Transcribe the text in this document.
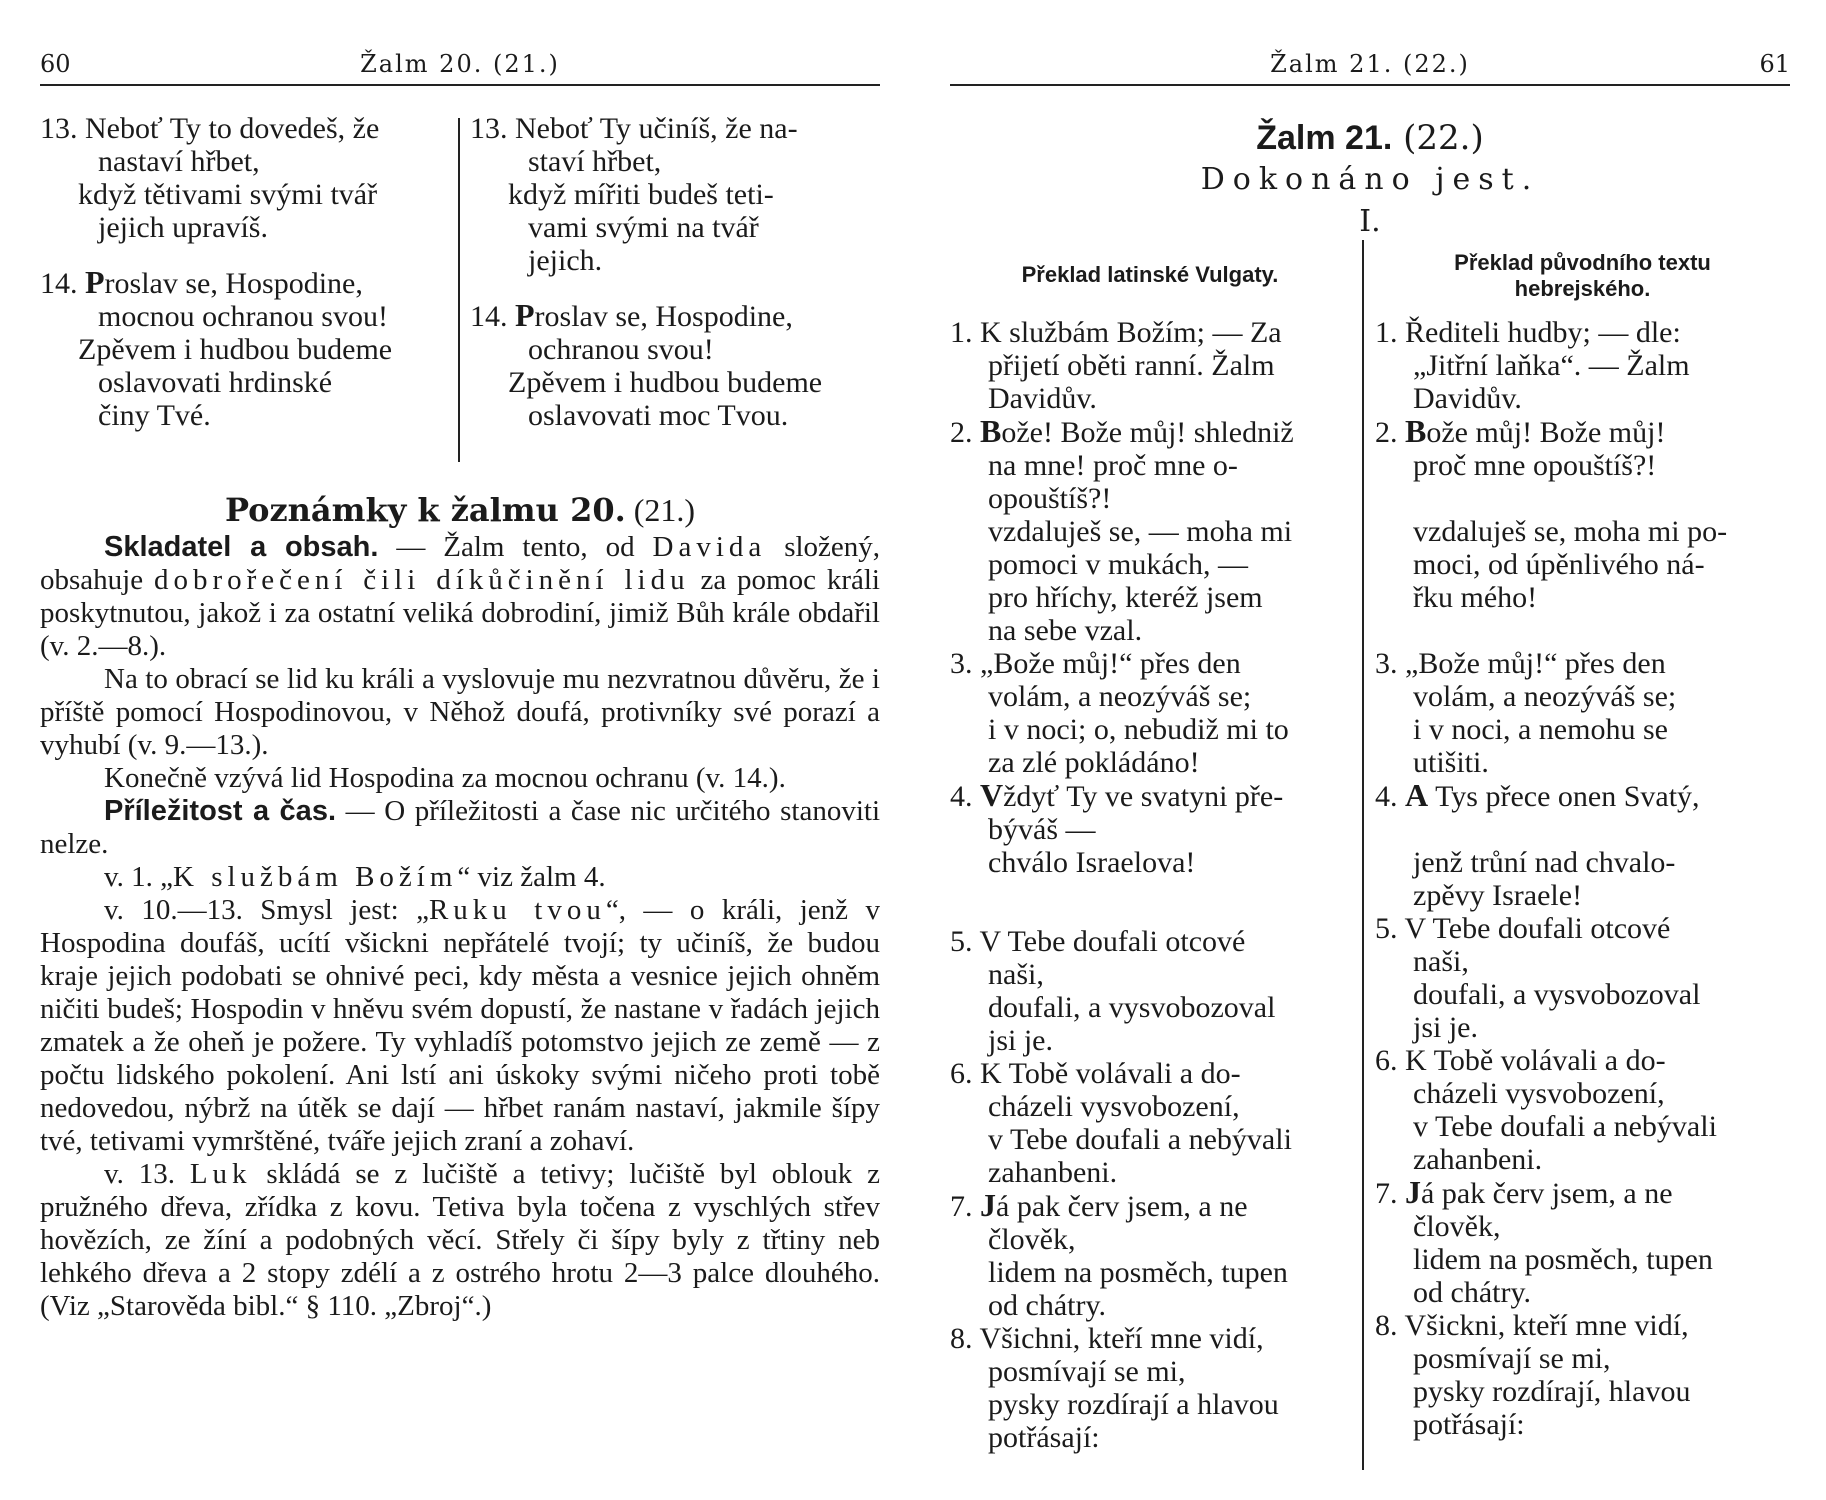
60	Žalm 20. (21.)
13. Neboť Ty to dovedeš, že
nastaví hřbet,
když tětivami svými tvář
jejich upravíš.
14. Proslav se, Hospodine,
mocnou ochranou svou!
Zpěvem i hudbou budeme
oslavovati hrdinské
činy Tvé.
13. Neboť Ty učiníš, že na-
staví hřbet,
když mířiti budeš teti-
vami svými na tvář
jejich.
14. Proslav se, Hospodine,
ochranou svou!
Zpěvem i hudbou budeme
oslavovati moc Tvou.
Poznámky k žalmu 20. (21.)

Skladatel a obsah. — Žalm tento, od Davida složený, obsahuje dobrořečení čili díkůčinění lidu za pomoc králi poskytnutou, jakož i za ostatní veliká dobrodiní, jimiž Bůh krále obdařil (v. 2.—8.).

Na to obrací se lid ku králi a vyslovuje mu nezvratnou důvěru, že i příště pomocí Hospodinovou, v Něhož doufá, protivníky své porazí a vyhubí (v. 9.—13.).

Konečně vzývá lid Hospodina za mocnou ochranu (v. 14.).

Příležitost a čas. — O příležitosti a čase nic určitého stanoviti nelze.

v. 1. „K službám Božím“ viz žalm 4.

v. 10.—13. Smysl jest: „Ruku tvou“, — o králi, jenž v Hospodina doufáš, ucítí všickni nepřátelé tvojí; ty učiníš, že budou kraje jejich podobati se ohnivé peci, kdy města a vesnice jejich ohněm ničiti budeš; Hospodin v hněvu svém dopustí, že nastane v řadách jejich zmatek a že oheň je požere. Ty vyhladíš potomstvo jejich ze země — z počtu lidského pokolení. Ani lstí ani úskoky svými ničeho proti tobě nedovedou, nýbrž na útěk se dají — hřbet ranám nastaví, jakmile šípy tvé, tetivami vymrštěné, tváře jejich zraní a zohaví.

v. 13. Luk skládá se z lučiště a tetivy; lučiště byl oblouk z pružného dřeva, zřídka z kovu. Tetiva byla točena z vyschlých střev hovězích, ze žíní a podobných věcí. Střely či šípy byly z třtiny neb lehkého dřeva a 2 stopy zdélí a z ostrého hrotu 2—3 palce dlouhého. (Viz „Starověda bibl.“ § 110. „Zbroj“.)

Žalm 21. (22.)	61
Žalm 21. (22.)
Dokonáno jest.
I.
Překlad latinské Vulgaty.	Překlad původního textu
hebrejského.
1. K službám Božím; — Za
přijetí oběti ranní. Žalm
Davidův.
2. Bože! Bože můj! shledniž
na mne! proč mne o-
opouštíš?!
vzdaluješ se, — moha mi
pomoci v mukách, —
pro hříchy, kteréž jsem
na sebe vzal.
3. „Bože můj!“ přes den
volám, a neozýváš se;
i v noci; o, nebudiž mi to
za zlé pokládáno!
4. Vždyť Ty ve svatyni pře-
býváš —
chválo Israelova!
5. V Tebe doufali otcové
naši,
doufali, a vysvobozoval
jsi je.
6. K Tobě volávali a do-
cházeli vysvobození,
v Tebe doufali a nebývali
zahanbeni.
7. Já pak červ jsem, a ne
člověk,
lidem na posměch, tupen
od chátry.
8. Všichni, kteří mne vidí,
posmívají se mi,
pysky rozdírají a hlavou
potřásají:
1. Řediteli hudby; — dle:
„Jitřní laňka“. — Žalm
Davidův.
2. Bože můj! Bože můj!
proč mne opouštíš?!
vzdaluješ se, moha mi po-
moci, od úpěnlivého ná-
řku mého!
3. „Bože můj!“ přes den
volám, a neozýváš se;
i v noci, a nemohu se
utišiti.
4. A Tys přece onen Svatý,
jenž trůní nad chvalo-
zpěvy Israele!
5. V Tebe doufali otcové
naši,
doufali, a vysvobozoval
jsi je.
6. K Tobě volávali a do-
cházeli vysvobození,
v Tebe doufali a nebývali
zahanbeni.
7. Já pak červ jsem, a ne
člověk,
lidem na posměch, tupen
od chátry.
8. Všickni, kteří mne vidí,
posmívají se mi,
pysky rozdírají, hlavou
potřásají:
